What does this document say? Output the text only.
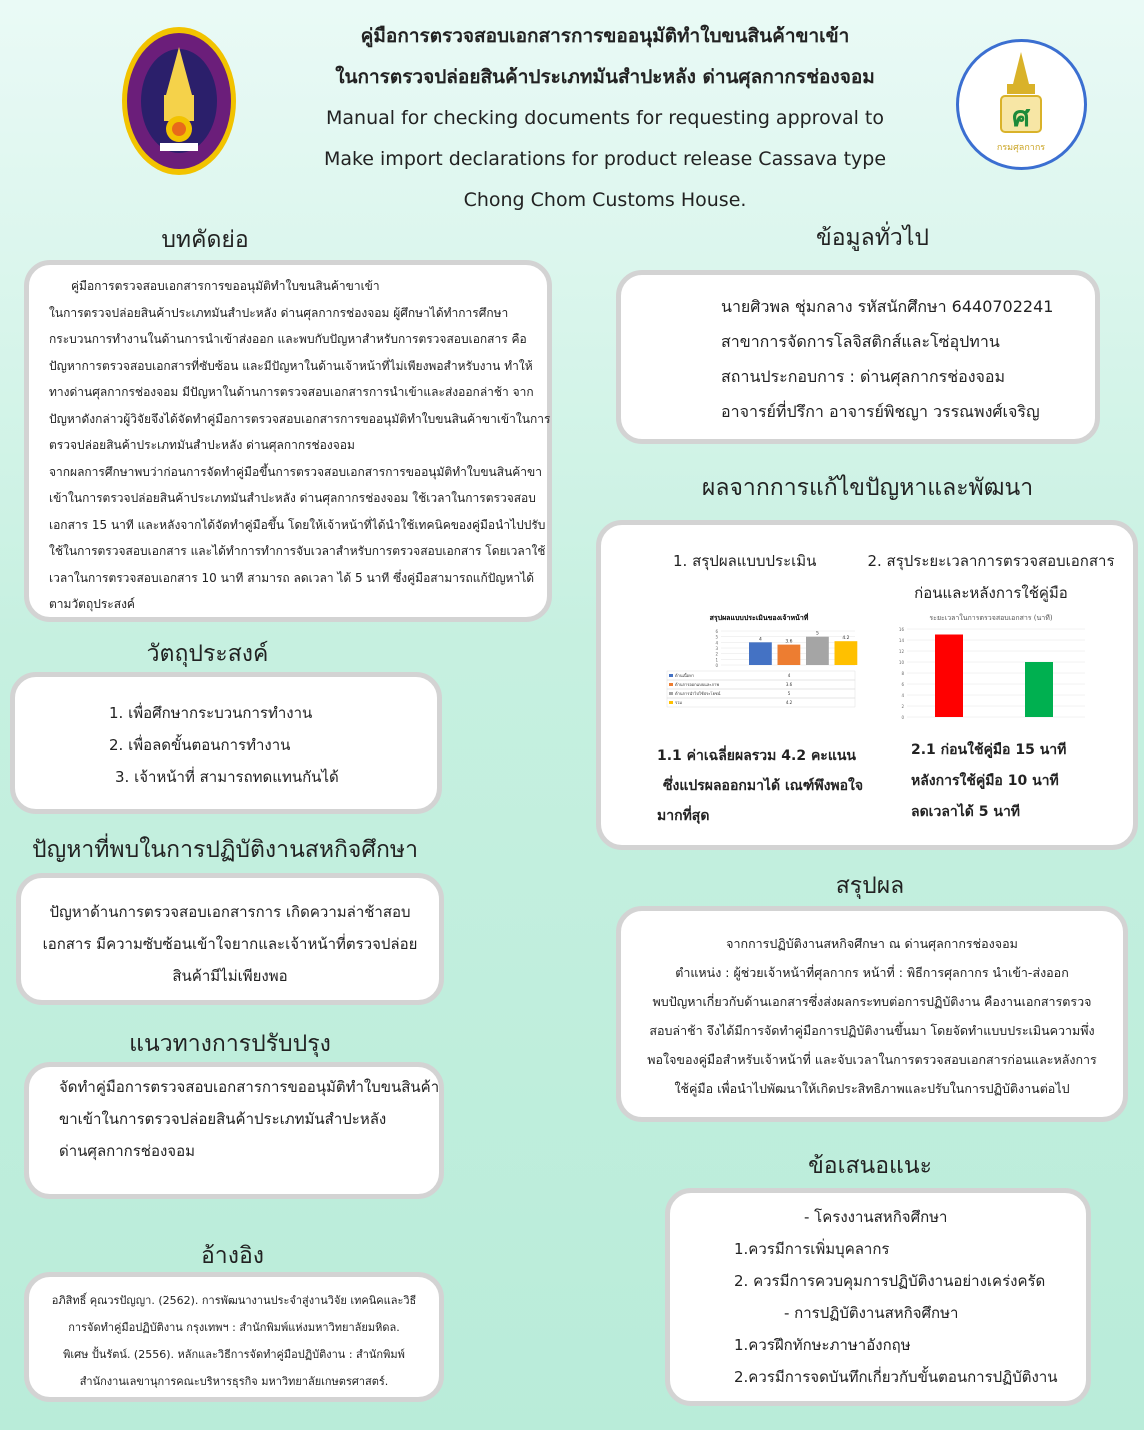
ศ
กรมศุลกากร
คู่มือการตรวจสอบเอกสารการขออนุมัติทำใบขนสินค้าขาเข้า
ในการตรวจปล่อยสินค้าประเภทมันสำปะหลัง ด่านศุลกากรช่องจอม
Manual for checking documents for requesting approval to
Make import declarations for product release Cassava type
Chong Chom Customs House.
บทคัดย่อ
คู่มือการตรวจสอบเอกสารการขออนุมัติทำใบขนสินค้าขาเข้า
ในการตรวจปล่อยสินค้าประเภทมันสำปะหลัง ด่านศุลกากรช่องจอม ผู้ศึกษาได้ทำการศึกษา
กระบวนการทำงานในด้านการนำเข้าส่งออก และพบกับปัญหาสำหรับการตรวจสอบเอกสาร คือ
ปัญหาการตรวจสอบเอกสารที่ซับซ้อน และมีปัญหาในด้านเจ้าหน้าที่ไม่เพียงพอสำหรับงาน ทำให้
ทางด่านศุลกากรช่องจอม มีปัญหาในด้านการตรวจสอบเอกสารการนำเข้าและส่งออกล่าช้า จาก
ปัญหาดังกล่าวผู้วิจัยจึงได้จัดทำคู่มือการตรวจสอบเอกสารการขออนุมัติทำใบขนสินค้าขาเข้าในการ
ตรวจปล่อยสินค้าประเภทมันสำปะหลัง ด่านศุลกากรช่องจอม
จากผลการศึกษาพบว่าก่อนการจัดทำคู่มือขึ้นการตรวจสอบเอกสารการขออนุมัติทำใบขนสินค้าขา
เข้าในการตรวจปล่อยสินค้าประเภทมันสำปะหลัง ด่านศุลกากรช่องจอม ใช้เวลาในการตรวจสอบ
เอกสาร 15 นาที และหลังจากได้จัดทำคู่มือขึ้น โดยให้เจ้าหน้าที่ได้นำใช้เทคนิคของคู่มือนำไปปรับ
ใช้ในการตรวจสอบเอกสาร และได้ทำการทำการจับเวลาสำหรับการตรวจสอบเอกสาร โดยเวลาใช้
เวลาในการตรวจสอบเอกสาร 10 นาที สามารถ ลดเวลา ได้ 5 นาที ซึ่งคู่มือสามารถแก้ปัญหาได้
ตามวัตถุประสงค์
วัตถุประสงค์
1. เพื่อศึกษากระบวนการทำงาน
2. เพื่อลดขั้นตอนการทำงาน
3. เจ้าหน้าที่ สามารถทดแทนกันได้
ปัญหาที่พบในการปฏิบัติงานสหกิจศึกษา
ปัญหาด้านการตรวจสอบเอกสารการ เกิดความล่าช้าสอบ
เอกสาร มีความซับซ้อนเข้าใจยากและเจ้าหน้าที่ตรวจปล่อย
สินค้ามีไม่เพียงพอ
แนวทางการปรับปรุง
จัดทำคู่มือการตรวจสอบเอกสารการขออนุมัติทำใบขนสินค้า
ขาเข้าในการตรวจปล่อยสินค้าประเภทมันสำปะหลัง
ด่านศุลกากรช่องจอม
อ้างอิง
อภิสิทธิ์ คุณวรปัญญา. (2562). การพัฒนางานประจำสู่งานวิจัย เทคนิคและวิธี
การจัดทำคู่มือปฏิบัติงาน กรุงเทพฯ : สำนักพิมพ์แห่งมหาวิทยาลัยมหิดล.
พิเศษ ปั้นรัตน์. (2556). หลักและวิธีการจัดทำคู่มือปฏิบัติงาน : สำนักพิมพ์
สำนักงานเลขานุการคณะบริหารธุรกิจ มหาวิทยาลัยเกษตรศาสตร์.
ข้อมูลทั่วไป
นายศิวพล ชุ่มกลาง รหัสนักศึกษา 6440702241
สาขาการจัดการโลจิสติกส์และโซ่อุปทาน
สถานประกอบการ : ด่านศุลกากรช่องจอม
อาจารย์ที่ปรึกา อาจารย์พิชญา วรรณพงศ์เจริญ
ผลจากการแก้ไขปัญหาและพัฒนา
1. สรุปผลแบบประเมิน	2. สรุประยะเวลาการตรวจสอบเอกสาร
ก่อนและหลังการใช้คู่มือ
สรุปผลแบบประเมินของเจ้าหน้าที่
0
1
2
3
4
5
6
4	3.6
5
4.2
ด้านเนื้อหา	4
ด้านการออกแบบและภาพ	3.6
ด้านการนำไปใช้ประโยชน์	5
รวม	4.2
ระยะเวลาในการตรวจสอบเอกสาร (นาที)
0
2
4
6
8
10
12
14
16
1.1 ค่าเฉลี่ยผลรวม 4.2 คะแนน
ซึ่งแปรผลออกมาได้ เณฑ์พึงพอใจ
มากที่สุด
2.1 ก่อนใช้คู่มือ 15 นาที
หลังการใช้คู่มือ 10 นาที
ลดเวลาได้ 5 นาที
สรุปผล
จากการปฏิบัติงานสหกิจศึกษา ณ ด่านศุลกากรช่องจอม
ตำแหน่ง : ผู้ช่วยเจ้าหน้าที่ศุลกากร หน้าที่ : พิธีการศุลกากร นำเข้า-ส่งออก
พบปัญหาเกี่ยวกับด้านเอกสารซึ่งส่งผลกระทบต่อการปฏิบัติงาน คืองานเอกสารตรวจ
สอบล่าช้า จึงได้มีการจัดทำคู่มือการปฏิบัติงานขึ้นมา โดยจัดทำแบบประเมินความพึ่ง
พอใจของคู่มือสำหรับเจ้าหน้าที่ และจับเวลาในการตรวจสอบเอกสารก่อนและหลังการ
ใช้คู่มือ เพื่อนำไปพัฒนาให้เกิดประสิทธิภาพและปรับในการปฏิบัติงานต่อไป
ข้อเสนอแนะ
- โครงงานสหกิจศึกษา
1.ควรมีการเพิ่มบุคลากร
2. ควรมีการควบคุมการปฏิบัติงานอย่างเคร่งครัด
- การปฏิบัติงานสหกิจศึกษา
1.ควรฝึกทักษะภาษาอังกฤษ
2.ควรมีการจดบันทึกเกี่ยวกับขั้นตอนการปฏิบัติงาน
